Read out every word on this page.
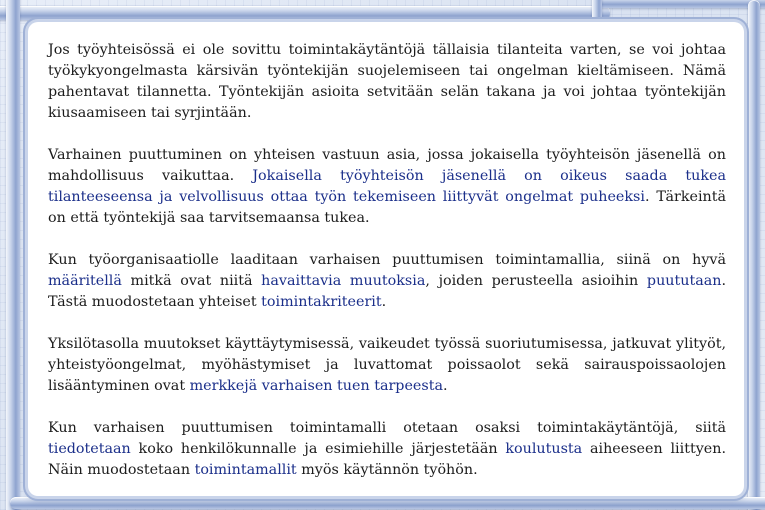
Jos työyhteisössä ei ole sovittu toimintakäytäntöjä tällaisia tilanteita varten, se voi johtaa työkykyongelmasta kärsivän työntekijän suojelemiseen tai ongelman kieltämiseen. Nämä pahentavat tilannetta. Työntekijän asioita setvitään selän takana ja voi johtaa työntekijän kiusaamiseen tai syrjintään.

Varhainen puuttuminen on yhteisen vastuun asia, jossa jokaisella työyhteisön jäsenellä on mahdollisuus vaikuttaa. Jokaisella työyhteisön jäsenellä on oikeus saada tukea tilanteeseensa ja velvollisuus ottaa työn tekemiseen liittyvät ongelmat puheeksi. Tärkeintä on että työntekijä saa tarvitsemaansa tukea.

Kun työorganisaatiolle laaditaan varhaisen puuttumisen toimintamallia, siinä on hyvä määritellä mitkä ovat niitä havaittavia muutoksia, joiden perusteella asioihin puututaan. Tästä muodostetaan yhteiset toimintakriteerit.

Yksilötasolla muutokset käyttäytymisessä, vaikeudet työssä suoriutumisessa, jatkuvat ylityöt, yhteistyöongelmat, myöhästymiset ja luvattomat poissaolot sekä sairauspoissaolojen lisääntyminen ovat merkkejä varhaisen tuen tarpeesta.

Kun varhaisen puuttumisen toimintamalli otetaan osaksi toimintakäytäntöjä, siitä tiedotetaan koko henkilökunnalle ja esimiehille järjestetään koulutusta aiheeseen liittyen. Näin muodostetaan toimintamallit myös käytännön työhön.
